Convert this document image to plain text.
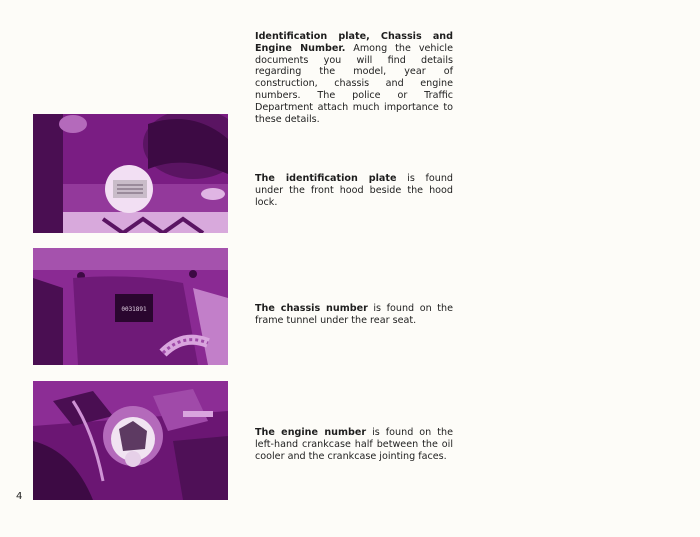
Identification plate, Chassis and Engine Number. Among the vehicle documents you will find details regarding the model, year of construction, chassis and engine numbers. The police or Traffic Department attach much importance to these details.

The identification plate is found under the front hood beside the hood lock.

0031891	The chassis number is found on the frame tunnel under the rear seat.

The engine number is found on the left-hand crankcase half between the oil cooler and the crankcase jointing faces.

4
